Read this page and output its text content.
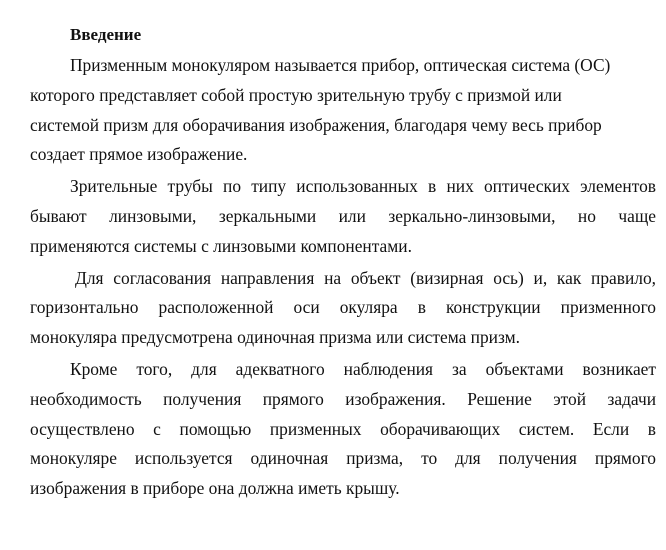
Введение
Призменным монокуляром называется прибор, оптическая система (ОС)
которого представляет собой простую зрительную трубу с призмой или
системой призм для оборачивания изображения, благодаря чему весь прибор
создает прямое изображение.
Зрительные трубы по типу использованных в них оптических элементов
бывают линзовыми, зеркальными или зеркально-линзовыми, но чаще
применяются системы с линзовыми компонентами.
Для согласования направления на объект (визирная ось) и, как правило,
горизонтально расположенной оси окуляра в конструкции призменного
монокуляра предусмотрена одиночная призма или система призм.
Кроме того, для адекватного наблюдения за объектами возникает
необходимость получения прямого изображения. Решение этой задачи
осуществлено с помощью призменных оборачивающих систем. Если в
монокуляре используется одиночная призма, то для получения прямого
изображения в приборе она должна иметь крышу.
